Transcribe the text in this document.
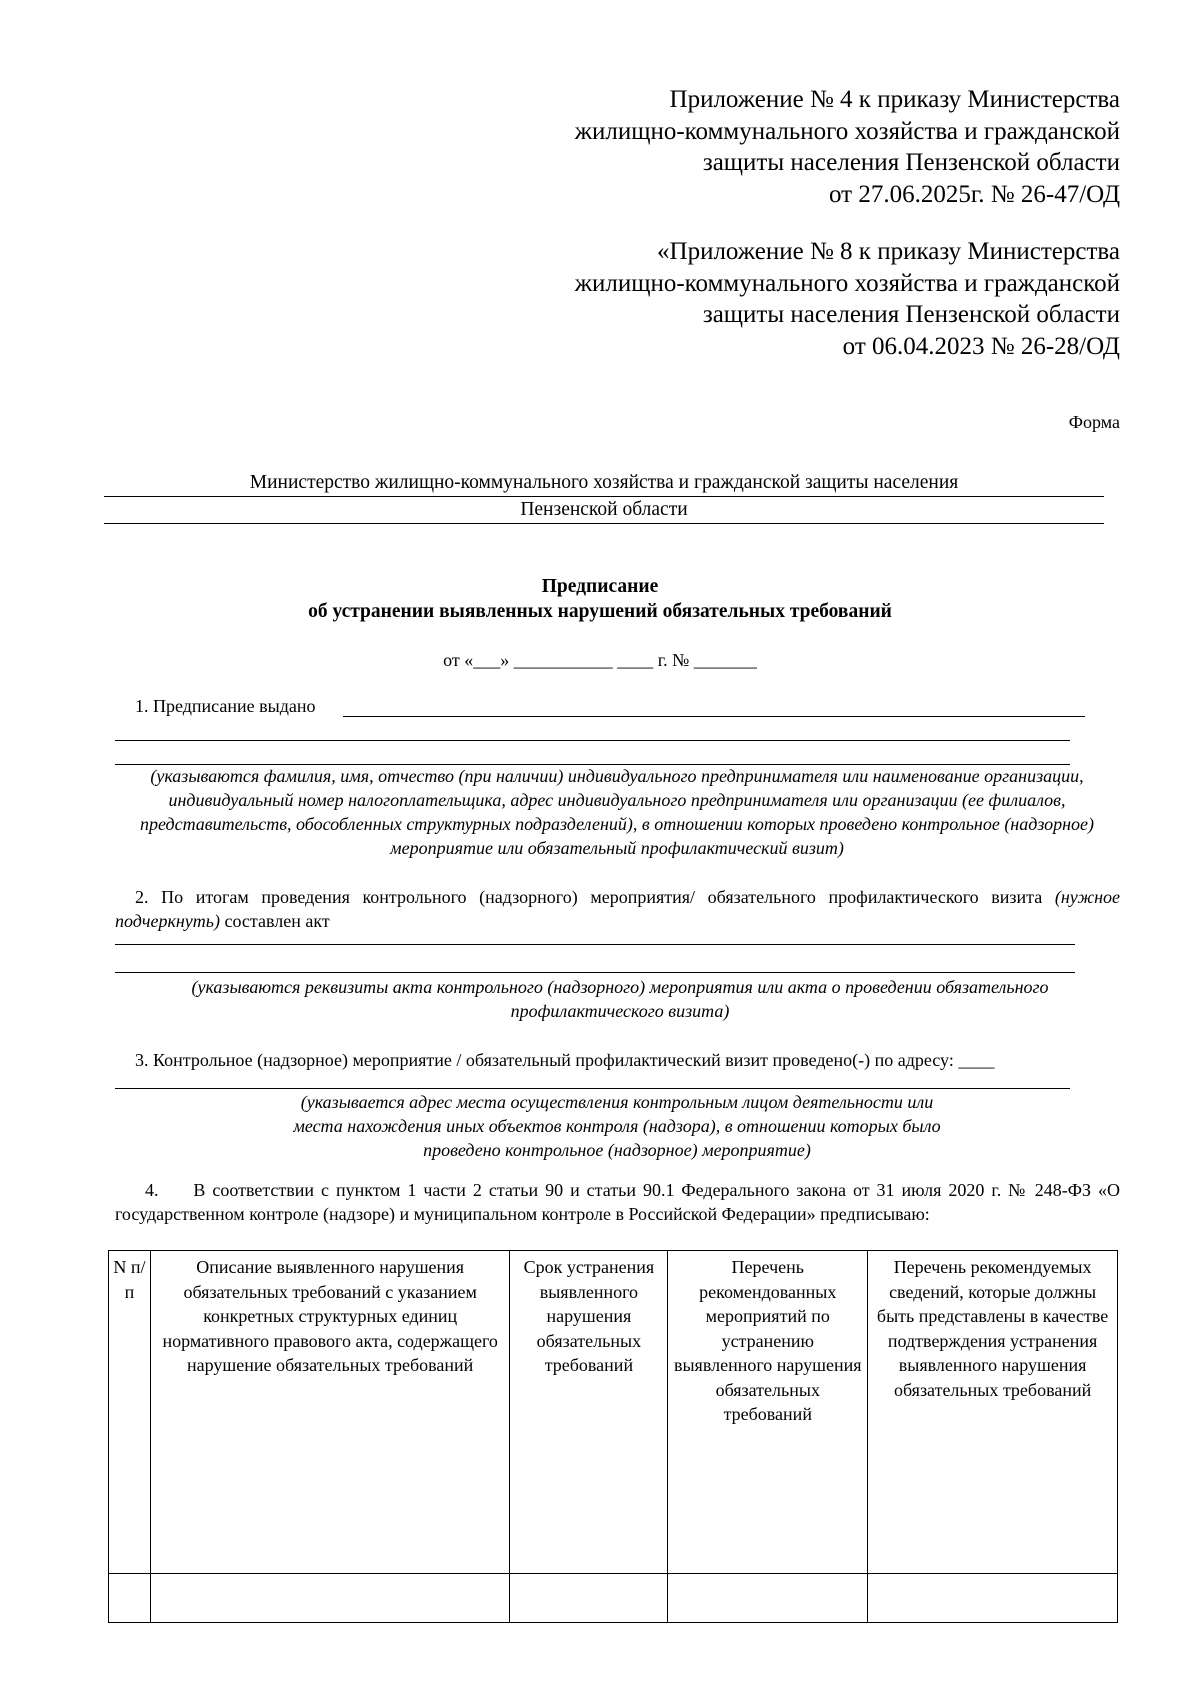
Приложение № 4 к приказу Министерства
жилищно-коммунального хозяйства и гражданской
защиты населения Пензенской области
от 27.06.2025г. № 26-47/ОД
«Приложение № 8 к приказу Министерства
жилищно-коммунального хозяйства и гражданской
защиты населения Пензенской области
от 06.04.2023 № 26-28/ОД
Форма
Министерство жилищно-коммунального хозяйства и гражданской защиты населения
Пензенской области
Предписание
об устранении выявленных нарушений обязательных требований
от «___» ___________ ____ г. № _______
1. Предписание выдано
(указываются фамилия, имя, отчество (при наличии) индивидуального предпринимателя или наименование организации, индивидуальный номер налогоплательщика, адрес индивидуального предпринимателя или организации (ее филиалов, представительств, обособленных структурных подразделений), в отношении которых проведено контрольное (надзорное) мероприятие или обязательный профилактический визит)
2. По итогам проведения контрольного (надзорного) мероприятия/ обязательного профилактического визита (нужное подчеркнуть) составлен акт
(указываются реквизиты акта контрольного (надзорного) мероприятия или акта о проведении обязательного профилактического визита)
3. Контрольное (надзорное) мероприятие / обязательный профилактический визит проведено(-) по адресу: ____
(указывается адрес места осуществления контрольным лицом деятельности или
места нахождения иных объектов контроля (надзора), в отношении которых было
проведено контрольное (надзорное) мероприятие)
4. В соответствии с пунктом 1 части 2 статьи 90 и статьи 90.1 Федерального закона от 31 июля 2020 г. № 248-ФЗ «О государственном контроле (надзоре) и муниципальном контроле в Российской Федерации» предписываю:
N п/п	Описание выявленного нарушения обязательных требований с указанием конкретных структурных единиц нормативного правового акта, содержащего нарушение обязательных требований	Срок устранения выявленного нарушения обязательных требований	Перечень рекомендованных мероприятий по устранению выявленного нарушения обязательных требований	Перечень рекомендуемых сведений, которые должны быть представлены в качестве подтверждения устранения выявленного нарушения обязательных требований
